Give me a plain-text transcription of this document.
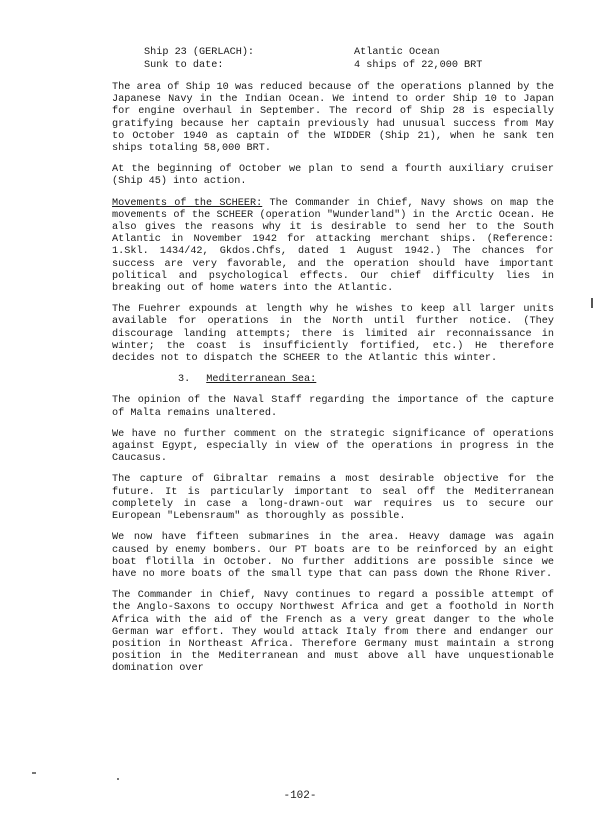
Ship 23 (GERLACH):	Atlantic Ocean
Sunk to date:	4 ships of 22,000 BRT

The area of Ship 10 was reduced because of the operations planned by the Japanese Navy in the Indian Ocean. We intend to order Ship 10 to Japan for engine overhaul in September. The record of Ship 28 is especially gratifying because her captain previously had unusual success from May to October 1940 as captain of the WIDDER (Ship 21), when he sank ten ships totaling 58,000 BRT.

At the beginning of October we plan to send a fourth auxiliary cruiser (Ship 45) into action.

Movements of the SCHEER: The Commander in Chief, Navy shows on map the movements of the SCHEER (operation "Wunderland") in the Arctic Ocean. He also gives the reasons why it is desirable to send her to the South Atlantic in November 1942 for attacking merchant ships. (Reference: 1.Skl. 1434/42, Gkdos.Chfs, dated 1 August 1942.) The chances for success are very favorable, and the operation should have important political and psychological effects. Our chief difficulty lies in breaking out of home waters into the Atlantic.

The Fuehrer expounds at length why he wishes to keep all larger units available for operations in the North until further notice. (They discourage landing attempts; there is limited air reconnaissance in winter; the coast is insufficiently fortified, etc.) He therefore decides not to dispatch the SCHEER to the Atlantic this winter.

3. Mediterranean Sea:

The opinion of the Naval Staff regarding the importance of the capture of Malta remains unaltered.

We have no further comment on the strategic significance of operations against Egypt, especially in view of the operations in progress in the Caucasus.

The capture of Gibraltar remains a most desirable objective for the future. It is particularly important to seal off the Mediterranean completely in case a long-drawn-out war requires us to secure our European "Lebensraum" as thoroughly as possible.

We now have fifteen submarines in the area. Heavy damage was again caused by enemy bombers. Our PT boats are to be reinforced by an eight boat flotilla in October. No further additions are possible since we have no more boats of the small type that can pass down the Rhone River.

The Commander in Chief, Navy continues to regard a possible attempt of the Anglo-Saxons to occupy Northwest Africa and get a foothold in North Africa with the aid of the French as a very great danger to the whole German war effort. They would attack Italy from there and endanger our position in Northeast Africa. Therefore Germany must maintain a strong position in the Mediterranean and must above all have unquestionable domination over

-102-
